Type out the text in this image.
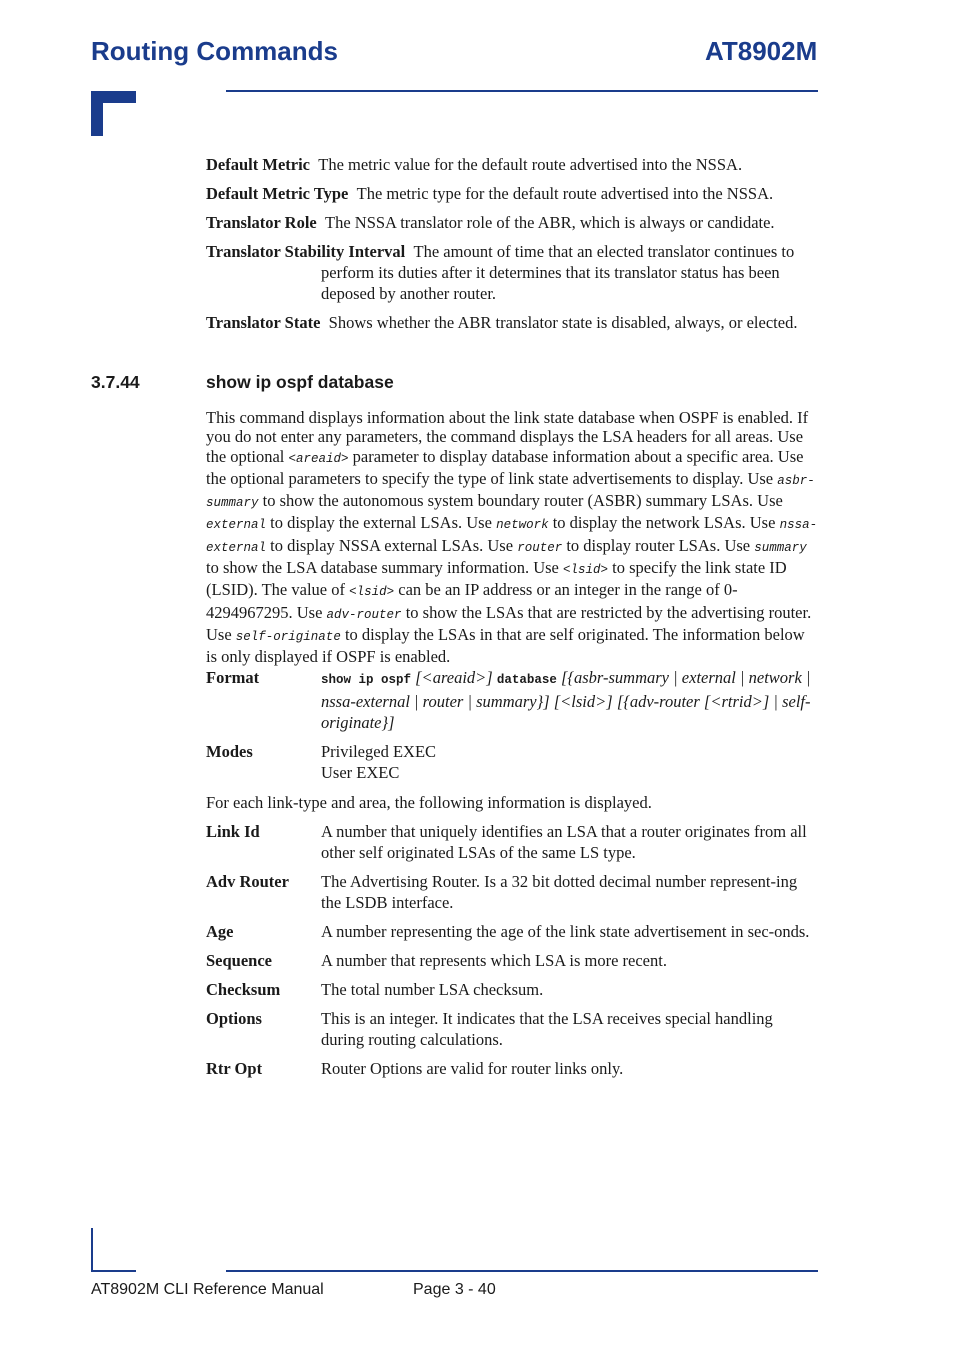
Routing Commands	AT8902M

Default Metric The metric value for the default route advertised into the NSSA.

Default Metric Type The metric type for the default route advertised into the NSSA.

Translator Role The NSSA translator role of the ABR, which is always or candidate.

Translator Stability Interval The amount of time that an elected translator continues to perform its duties after it determines that its translator status has been deposed by another router.

Translator State Shows whether the ABR translator state is disabled, always, or elected.

3.7.44	show ip ospf database

This command displays information about the link state database when OSPF is enabled. If you do not enter any parameters, the command displays the LSA headers for all areas. Use the optional <areaid> parameter to display database information about a specific area. Use the optional parameters to specify the type of link state advertisements to display. Use asbr-summary to show the autonomous system boundary router (ASBR) summary LSAs. Use external to display the external LSAs. Use network to display the network LSAs. Use nssa-external to display NSSA external LSAs. Use router to display router LSAs. Use summary to show the LSA database summary information. Use <lsid> to specify the link state ID (LSID). The value of <lsid> can be an IP address or an integer in the range of 0-4294967295. Use adv-router to show the LSAs that are restricted by the advertising router. Use self-originate to display the LSAs in that are self originated. The information below is only displayed if OSPF is enabled.

Format	show ip ospf [<areaid>] database [{asbr-summary | external | network | nssa-external | router | summary}] [<lsid>] [{adv-router [<rtrid>] | self-originate}]
Modes	Privileged EXEC
User EXEC
For each link-type and area, the following information is displayed.
Link Id	A number that uniquely identifies an LSA that a router originates from all other self originated LSAs of the same LS type.
Adv Router	The Advertising Router. Is a 32 bit dotted decimal number represent-ing the LSDB interface.
Age	A number representing the age of the link state advertisement in sec-onds.
Sequence	A number that represents which LSA is more recent.
Checksum	The total number LSA checksum.
Options	This is an integer. It indicates that the LSA receives special handling during routing calculations.
Rtr Opt	Router Options are valid for router links only.
AT8902M CLI Reference Manual	Page 3 - 40
